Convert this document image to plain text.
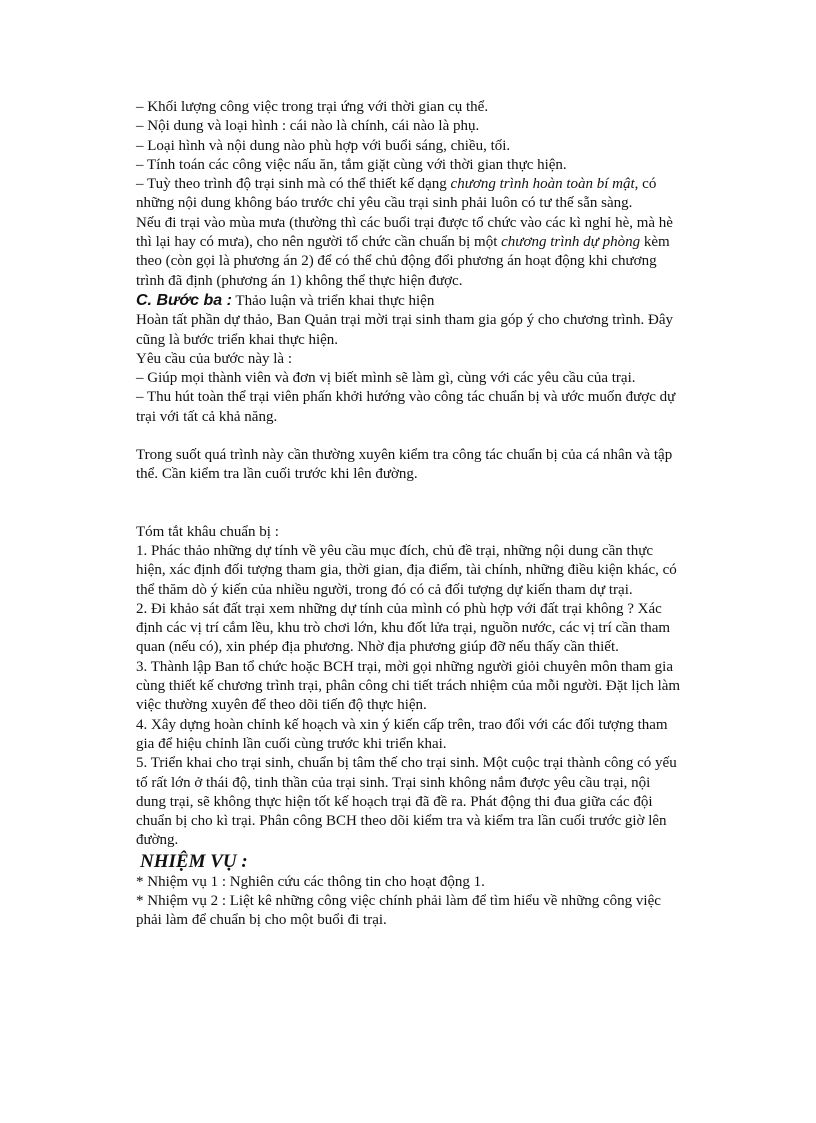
– Khối lượng công việc trong trại ứng với thời gian cụ thể.
– Nội dung và loại hình : cái nào là chính, cái nào là phụ.
– Loại hình và nội dung nào phù hợp với buổi sáng, chiều, tối.
– Tính toán các công việc nấu ăn, tắm giặt cùng với thời gian thực hiện.
– Tuỳ theo trình độ trại sinh mà có thể thiết kế dạng chương trình hoàn toàn bí mật, có những nội dung không báo trước chỉ yêu cầu trại sinh phải luôn có tư thế sẵn sàng.
Nếu đi trại vào mùa mưa (thường thì các buổi trại được tổ chức vào các kì nghỉ hè, mà hè thì lại hay có mưa), cho nên người tổ chức cần chuẩn bị một chương trình dự phòng kèm theo (còn gọi là phương án 2) để có thể chủ động đổi phương án hoạt động khi chương trình đã định (phương án 1) không thể thực hiện được.
C. Bước ba : Thảo luận và triển khai thực hiện
Hoàn tất phần dự thảo, Ban Quản trại mời trại sinh tham gia góp ý cho chương trình. Đây cũng là bước triển khai thực hiện.
Yêu cầu của bước này là :
– Giúp mọi thành viên và đơn vị biết mình sẽ làm gì, cùng với các yêu cầu của trại.
– Thu hút toàn thể trại viên phấn khởi hướng vào công tác chuẩn bị và ước muốn được dự trại với tất cả khả năng.
Trong suốt quá trình này cần thường xuyên kiểm tra công tác chuẩn bị của cá nhân và tập thể. Cần kiểm tra lần cuối trước khi lên đường.
Tóm tắt khâu chuẩn bị :
1. Phác thảo những dự tính về yêu cầu mục đích, chủ đề trại, những nội dung cần thực hiện, xác định đối tượng tham gia, thời gian, địa điểm, tài chính, những điều kiện khác, có thể thăm dò ý kiến của nhiều người, trong đó có cả đối tượng dự kiến tham dự trại.
2. Đi khảo sát đất trại xem những dự tính của mình có phù hợp với đất trại không ? Xác định các vị trí cắm lều, khu trò chơi lớn, khu đốt lửa trại, nguồn nước, các vị trí cần tham quan (nếu có), xin phép địa phương. Nhờ địa phương giúp đỡ nếu thấy cần thiết.
3. Thành lập Ban tổ chức hoặc BCH trại, mời gọi những người giỏi chuyên môn tham gia cùng thiết kế chương trình trại, phân công chi tiết trách nhiệm của mỗi người. Đặt lịch làm việc thường xuyên để theo dõi tiến độ thực hiện.
4. Xây dựng hoàn chỉnh kế hoạch và xin ý kiến cấp trên, trao đổi với các đối tượng tham gia để hiệu chỉnh lần cuối cùng trước khi triển khai.
5. Triển khai cho trại sinh, chuẩn bị tâm thế cho trại sinh. Một cuộc trại thành công có yếu tố rất lớn ở thái độ, tinh thần của trại sinh. Trại sinh không nắm được yêu cầu trại, nội dung trại, sẽ không thực hiện tốt kế hoạch trại đã đề ra. Phát động thi đua giữa các đội chuẩn bị cho kì trại. Phân công BCH theo dõi kiểm tra và kiểm tra lần cuối trước giờ lên đường.
NHIỆM VỤ :
* Nhiệm vụ 1 : Nghiên cứu các thông tin cho hoạt động 1.
* Nhiệm vụ 2 : Liệt kê những công việc chính phải làm để tìm hiểu về những công việc phải làm để chuẩn bị cho một buổi đi trại.
